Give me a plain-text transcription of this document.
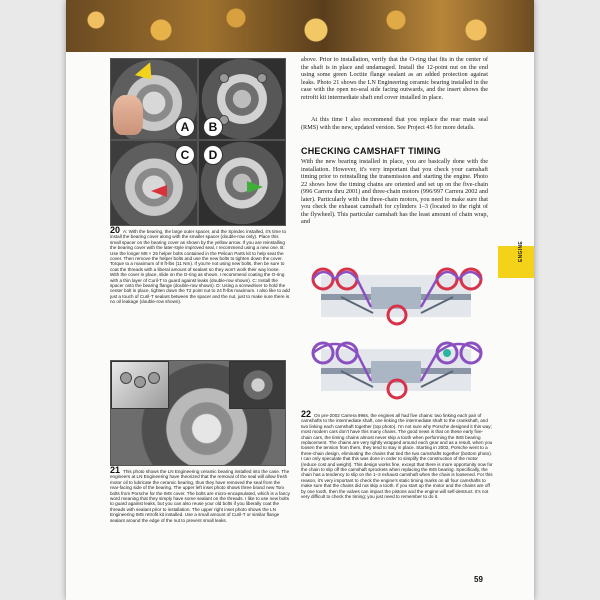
A	B
C	D
20 A: With the bearing, the large outer spacer, and the Spindec installed, it's time to install the bearing cover along with the smaller spacer (double-row only). Place this small spacer on the bearing cover as shown by the yellow arrow. If you are reinstalling the bearing cover with the later-style improved seal, I recommend using a new one. B: Use the longer M8 × 25 helper bolts contained in the Pelican Parts kit to help seat the cover. Then remove the helper bolts and use the new bolts to tighten down the cover. Torque to a maximum of 8 ft-lbs (11 Nm). If you're not using new bolts, then be sure to coat the threads with a liberal amount of sealant so they won't work their way loose. With the cover in place, slide on the O-ring as shown. I recommend coating the O-ring with a thin layer of Curil-T to guard against leaks (double-row shown). C: Install the spacer onto the bearing flange (double-row shown). D: Using a screwdriver to hold the center bolt in place, tighten down the T2 point nut to 24 ft-lbs maximum. I also like to add just a touch of Curil-T sealant between the spacer and the nut, just to make sure there is no oil leakage (double-row shown).
21 This photo shows the LN Engineering ceramic bearing installed into the case. The engineers at LN Engineering have theorized that the removal of the seal will allow fresh motor oil to lubricate the ceramic bearing, thus they have removed the seal from the rear-facing side of the bearing. The upper left inset photo shows three brand new Torx bolts from Porsche for the IMS cover. The bolts are micro-encapsulated, which is a fancy word meaning that they simply have some sealant on the threads. I like to use new bolts to guard against leaks, but you can also reuse your old bolts if you liberally coat the threads with sealant prior to installation. The upper right inset photo shows the LN Engineering IMS retrofit kit installed. Use a small amount of Curil-T or similar flange sealant around the edge of the nut to prevent small leaks.
above. Prior to installation, verify that the O-ring that fits in the center of the shaft is in place and undamaged. Install the 12-point nut on the end using some green Loctite flange sealant as an added protection against leaks. Photo 21 shows the LN Engineering ceramic bearing installed in the case with the open no-seal side facing outwards, and the insert shows the retrofit kit intermediate shaft end cover installed in place.
At this time I also recommend that you replace the rear main seal (RMS) with the new, updated version. See Project 45 for more details.
CHECKING CAMSHAFT TIMING
With the new bearing installed in place, you are basically done with the installation. However, it's very important that you check your camshaft timing prior to reinstalling the transmission and starting the engine. Photo 22 shows how the timing chains are oriented and set up on the five-chain (996 Carrera thru 2001) and three-chain motors (996/997 Carrera 2002 and later). Particularly with the three-chain motors, you need to make sure that you check the exhaust camshaft for cylinders 1–3 (located to the right of the flywheel). This particular camshaft has the least amount of chain wrap, and
ENGINE
22 On pre-2002 Carrera 996s, the engines all had five chains: two linking each pair of camshafts to the intermediate shaft, one linking the intermediate shaft to the crankshaft, and two linking each camshaft together (top photo). I'm not sure why Porsche designed it this way; most modern cars don't have this many chains. The good news is that on these early five-chain cars, the timing chains almost never skip a tooth when performing the IMS bearing replacement. The chains are very tightly wrapped around each gear and as a result, when you loosen the tension from them, they tend to stay in place. Starting in 2002, Porsche went to a three-chain design, eliminating the chains that tied the two camshafts together (bottom photo). I can only speculate that this was done in order to simplify the construction of the motor (reduce cost and weight). This design works fine, except that there is more opportunity now for the chain to slip off the camshaft sprockets when replacing the IMS bearing. Specifically, the chain has a tendency to slip on the 1–3 exhaust camshaft when the chain is loosened. For this reason, it's very important to check the engine's static timing marks on all four camshafts to make sure that the chains did not skip a tooth. If you start up the motor and the chains are off by one tooth, then the valves can impact the pistons and the engine will self-destruct. It's not very difficult to check the timing; you just need to remember to do it.
59
